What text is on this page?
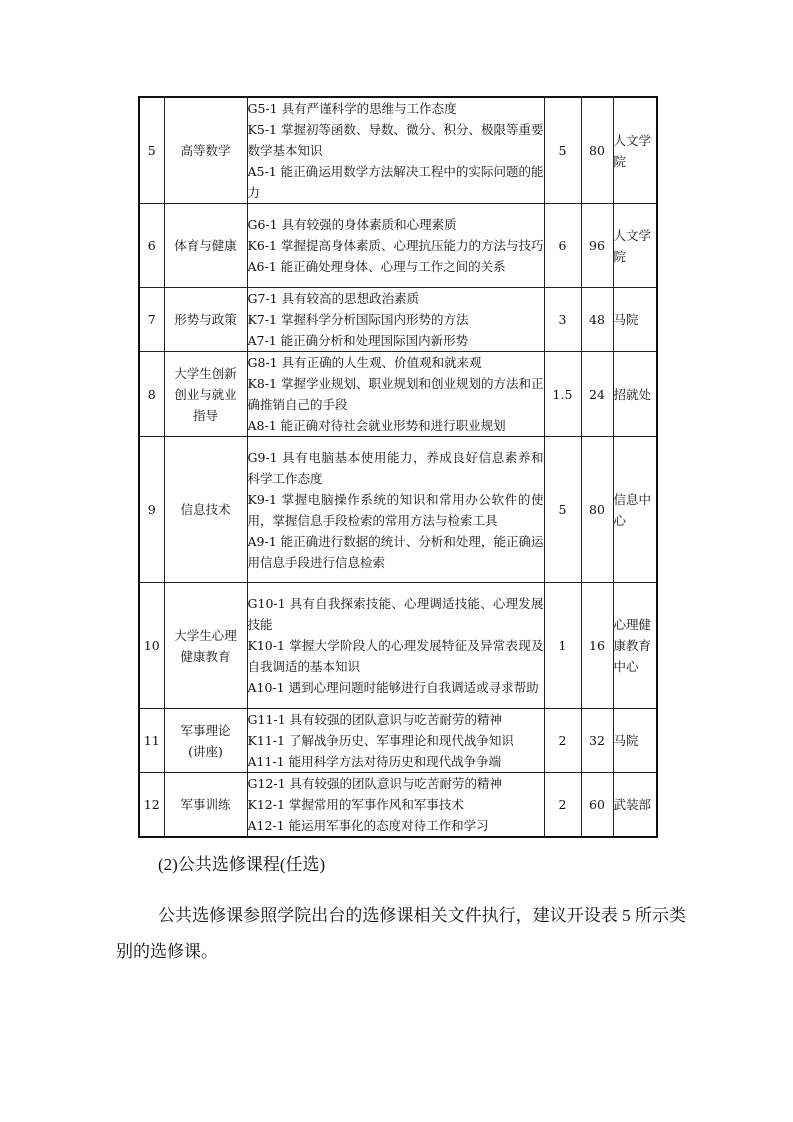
5	高等数学	G5-1 具有严谨科学的思维与工作态度
K5-1 掌握初等函数、导数、微分、积分、极限等重要数学基本知识
A5-1 能正确运用数学方法解决工程中的实际问题的能力	5	80	人文学院
6	体育与健康	G6-1 具有较强的身体素质和心理素质
K6-1 掌握提高身体素质、心理抗压能力的方法与技巧
A6-1 能正确处理身体、心理与工作之间的关系	6	96	人文学院
7	形势与政策	G7-1 具有较高的思想政治素质
K7-1 掌握科学分析国际国内形势的方法
A7-1 能正确分析和处理国际国内新形势	3	48	马院
8	大学生创新
创业与就业
指导	G8-1 具有正确的人生观、价值观和就来观
K8-1 掌握学业规划、职业规划和创业规划的方法和正确推销自己的手段
A8-1 能正确对待社会就业形势和进行职业规划	1.5	24	招就处
9	信息技术	G9-1 具有电脑基本使用能力，养成良好信息素养和科学工作态度
K9-1 掌握电脑操作系统的知识和常用办公软件的使用，掌握信息手段检索的常用方法与检索工具
A9-1 能正确进行数据的统计、分析和处理，能正确运用信息手段进行信息检索	5	80	信息中心
10	大学生心理
健康教育	G10-1 具有自我探索技能、心理调适技能、心理发展技能
K10-1 掌握大学阶段人的心理发展特征及异常表现及自我调适的基本知识
A10-1 遇到心理问题时能够进行自我调适或寻求帮助	1	16	心理健康教育中心
11	军事理论
(讲座)	G11-1 具有较强的团队意识与吃苦耐劳的精神
K11-1 了解战争历史、军事理论和现代战争知识
A11-1 能用科学方法对待历史和现代战争争端	2	32	马院
12	军事训练	G12-1 具有较强的团队意识与吃苦耐劳的精神
K12-1 掌握常用的军事作风和军事技术
A12-1 能运用军事化的态度对待工作和学习	2	60	武装部
(2)公共选修课程(任选)
公共选修课参照学院出台的选修课相关文件执行，建议开设表 5 所示类别的选修课。
